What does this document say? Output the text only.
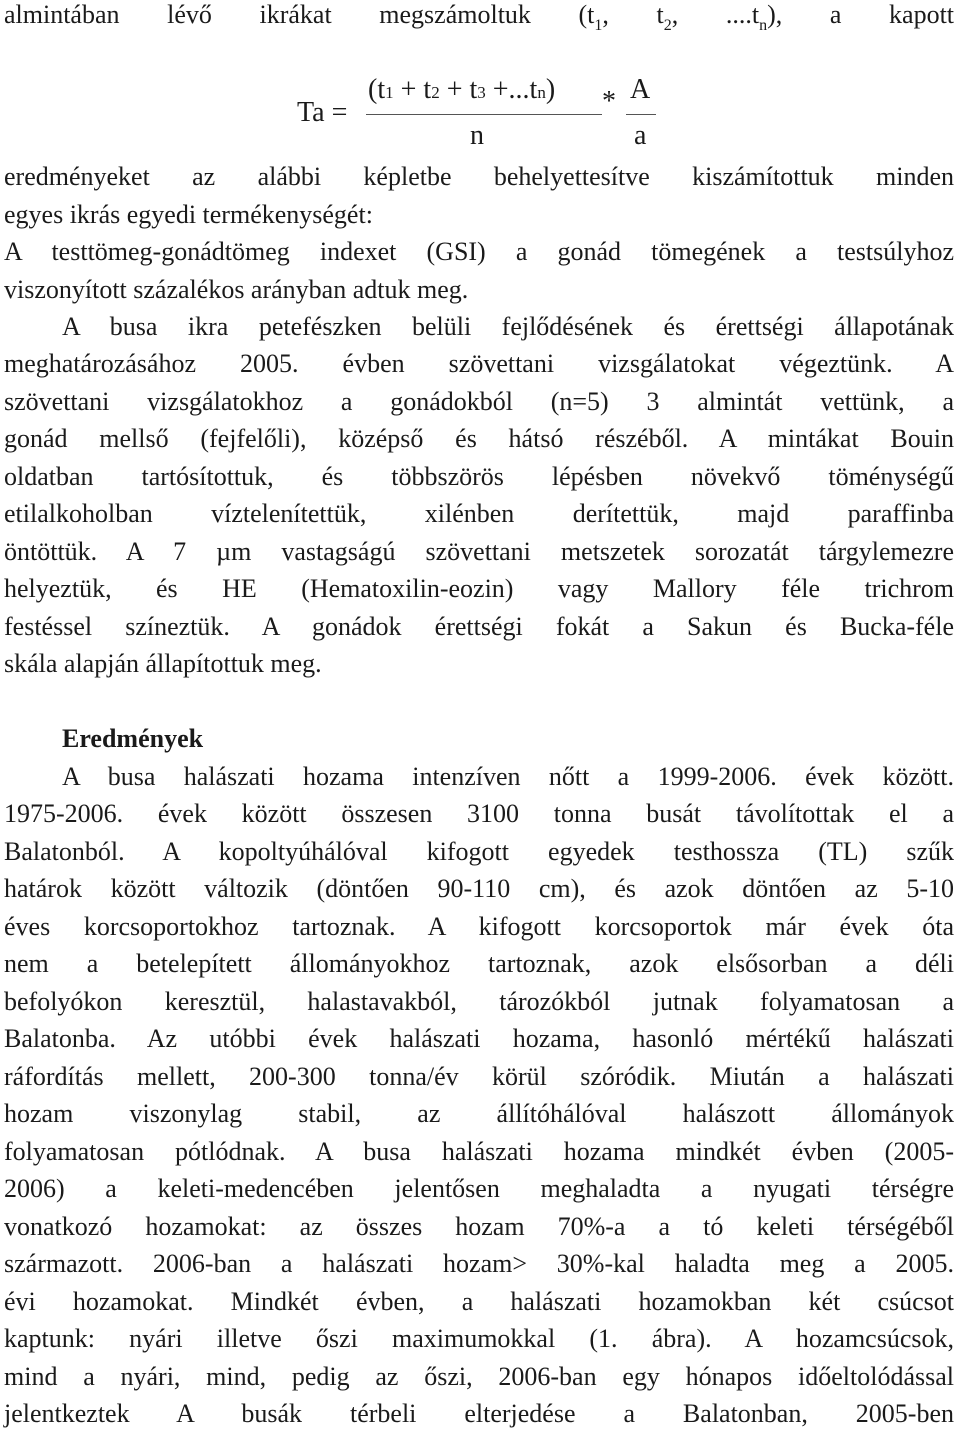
almintában lévő ikrákat megszámoltuk ($t_1$, $t_2$, $....t_n$), a kapott
Ta =
(t1 + t2 + t3 +...tn)
n
* A
a
eredményeket az alábbi képletbe behelyettesítve kiszámítottuk minden
egyes ikrás egyedi termékenységét:
A testtömeg-gonádtömeg indexet (GSI) a gonád tömegének a testsúlyhoz
viszonyított százalékos arányban adtuk meg.
A busa ikra petefészken belüli fejlődésének és érettségi állapotának
meghatározásához 2005. évben szövettani vizsgálatokat végeztünk. A
szövettani vizsgálatokhoz a gonádokból (n=5) 3 almintát vettünk, a
gonád mellső (fejfelőli), középső és hátsó részéből. A mintákat Bouin
oldatban tartósítottuk, és többszörös lépésben növekvő töménységű
etilalkoholban víztelenítettük, xilénben derítettük, majd paraffinba
öntöttük. A 7 µm vastagságú szövettani metszetek sorozatát tárgylemezre
helyeztük, és HE (Hematoxilin-eozin) vagy Mallory féle trichrom
festéssel színeztük. A gonádok érettségi fokát a Sakun és Bucka-féle
skála alapján állapítottuk meg.
Eredmények
A busa halászati hozama intenzíven nőtt a 1999-2006. évek között.
1975-2006. évek között összesen 3100 tonna busát távolítottak el a
Balatonból. A kopoltyúhálóval kifogott egyedek testhossza (TL) szűk
határok között változik (döntően 90-110 cm), és azok döntően az 5-10
éves korcsoportokhoz tartoznak. A kifogott korcsoportok már évek óta
nem a betelepített állományokhoz tartoznak, azok elsősorban a déli
befolyókon keresztül, halastavakból, tározókból jutnak folyamatosan a
Balatonba. Az utóbbi évek halászati hozama, hasonló mértékű halászati
ráfordítás mellett, 200-300 tonna/év körül szóródik. Miután a halászati
hozam viszonylag stabil, az állítóhálóval halászott állományok
folyamatosan pótlódnak. A busa halászati hozama mindkét évben (2005-
2006) a keleti-medencében jelentősen meghaladta a nyugati térségre
vonatkozó hozamokat: az összes hozam 70%-a a tó keleti térségéből
származott. 2006-ban a halászati hozam> 30%-kal haladta meg a 2005.
évi hozamokat. Mindkét évben, a halászati hozamokban két csúcsot
kaptunk: nyári illetve őszi maximumokkal (1. ábra). A hozamcsúcsok,
mind a nyári, mind, pedig az őszi, 2006-ban egy hónapos időeltolódással
jelentkeztek A busák térbeli elterjedése a Balatonban, 2005-ben
